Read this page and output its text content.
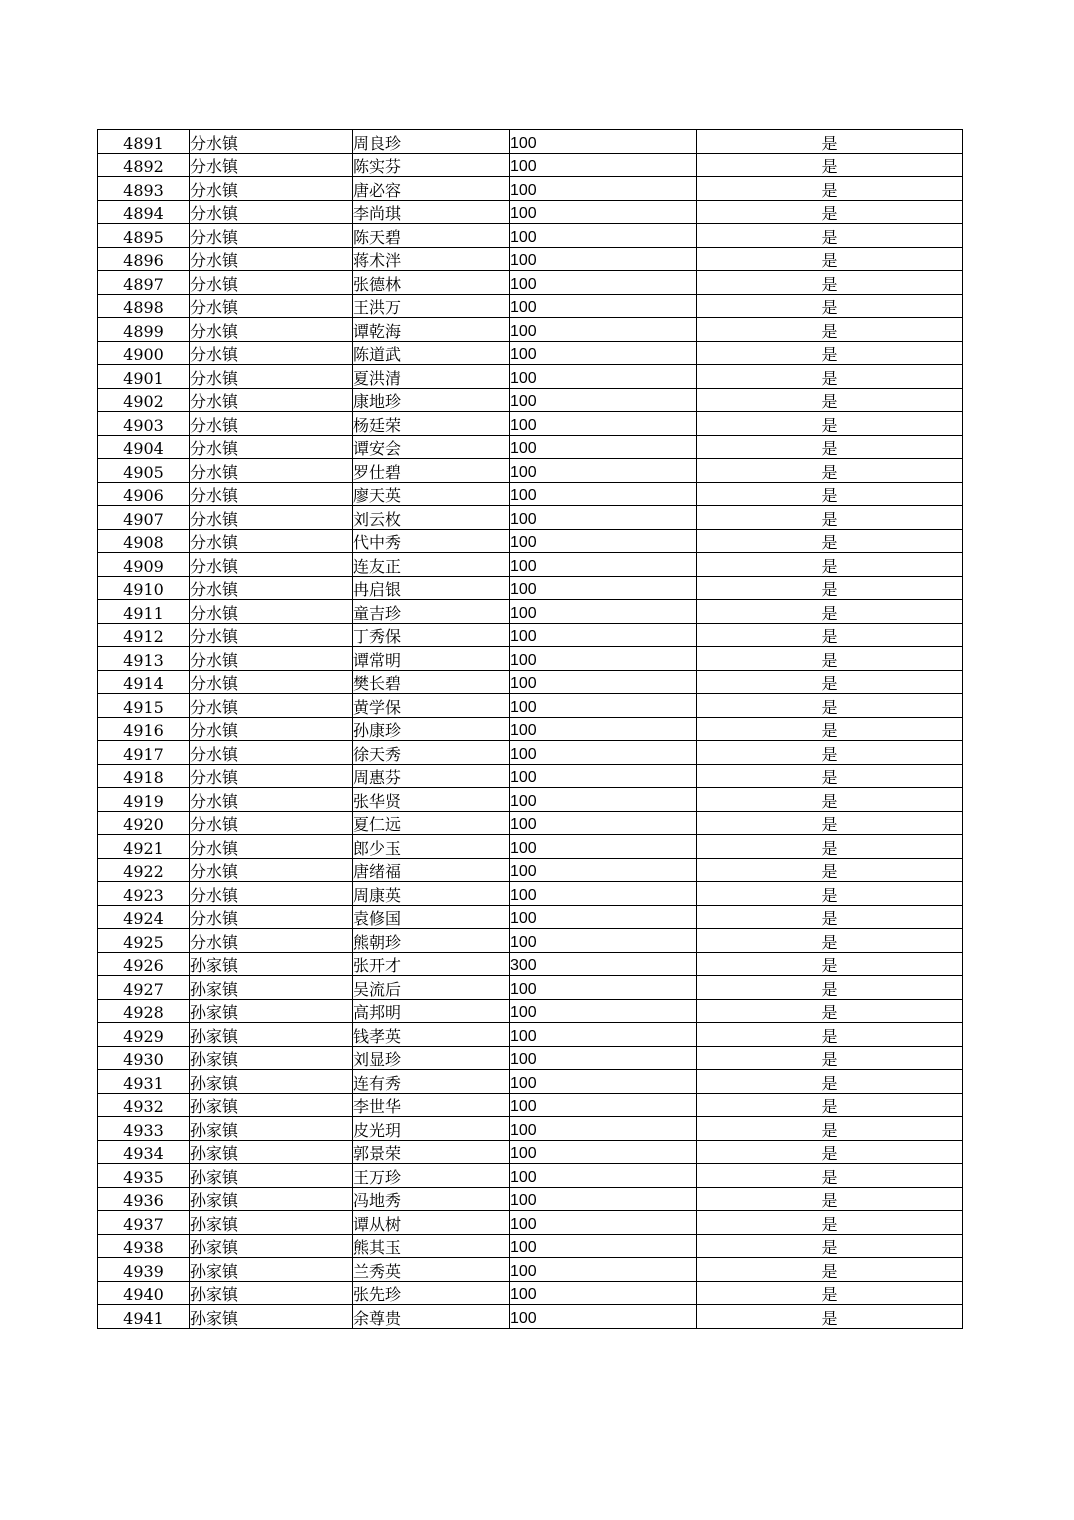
4891	分水镇	周良珍	100	是
4892	分水镇	陈实芬	100	是
4893	分水镇	唐必容	100	是
4894	分水镇	李尚琪	100	是
4895	分水镇	陈天碧	100	是
4896	分水镇	蒋术泮	100	是
4897	分水镇	张德林	100	是
4898	分水镇	王洪万	100	是
4899	分水镇	谭乾海	100	是
4900	分水镇	陈道武	100	是
4901	分水镇	夏洪清	100	是
4902	分水镇	康地珍	100	是
4903	分水镇	杨廷荣	100	是
4904	分水镇	谭安会	100	是
4905	分水镇	罗仕碧	100	是
4906	分水镇	廖天英	100	是
4907	分水镇	刘云枚	100	是
4908	分水镇	代中秀	100	是
4909	分水镇	连友正	100	是
4910	分水镇	冉启银	100	是
4911	分水镇	童吉珍	100	是
4912	分水镇	丁秀保	100	是
4913	分水镇	谭常明	100	是
4914	分水镇	樊长碧	100	是
4915	分水镇	黄学保	100	是
4916	分水镇	孙康珍	100	是
4917	分水镇	徐天秀	100	是
4918	分水镇	周惠芬	100	是
4919	分水镇	张华贤	100	是
4920	分水镇	夏仁远	100	是
4921	分水镇	郎少玉	100	是
4922	分水镇	唐绪福	100	是
4923	分水镇	周康英	100	是
4924	分水镇	袁修国	100	是
4925	分水镇	熊朝珍	100	是
4926	孙家镇	张开才	300	是
4927	孙家镇	吴流后	100	是
4928	孙家镇	高邦明	100	是
4929	孙家镇	钱孝英	100	是
4930	孙家镇	刘显珍	100	是
4931	孙家镇	连有秀	100	是
4932	孙家镇	李世华	100	是
4933	孙家镇	皮光玥	100	是
4934	孙家镇	郭景荣	100	是
4935	孙家镇	王万珍	100	是
4936	孙家镇	冯地秀	100	是
4937	孙家镇	谭从树	100	是
4938	孙家镇	熊其玉	100	是
4939	孙家镇	兰秀英	100	是
4940	孙家镇	张先珍	100	是
4941	孙家镇	余尊贵	100	是
